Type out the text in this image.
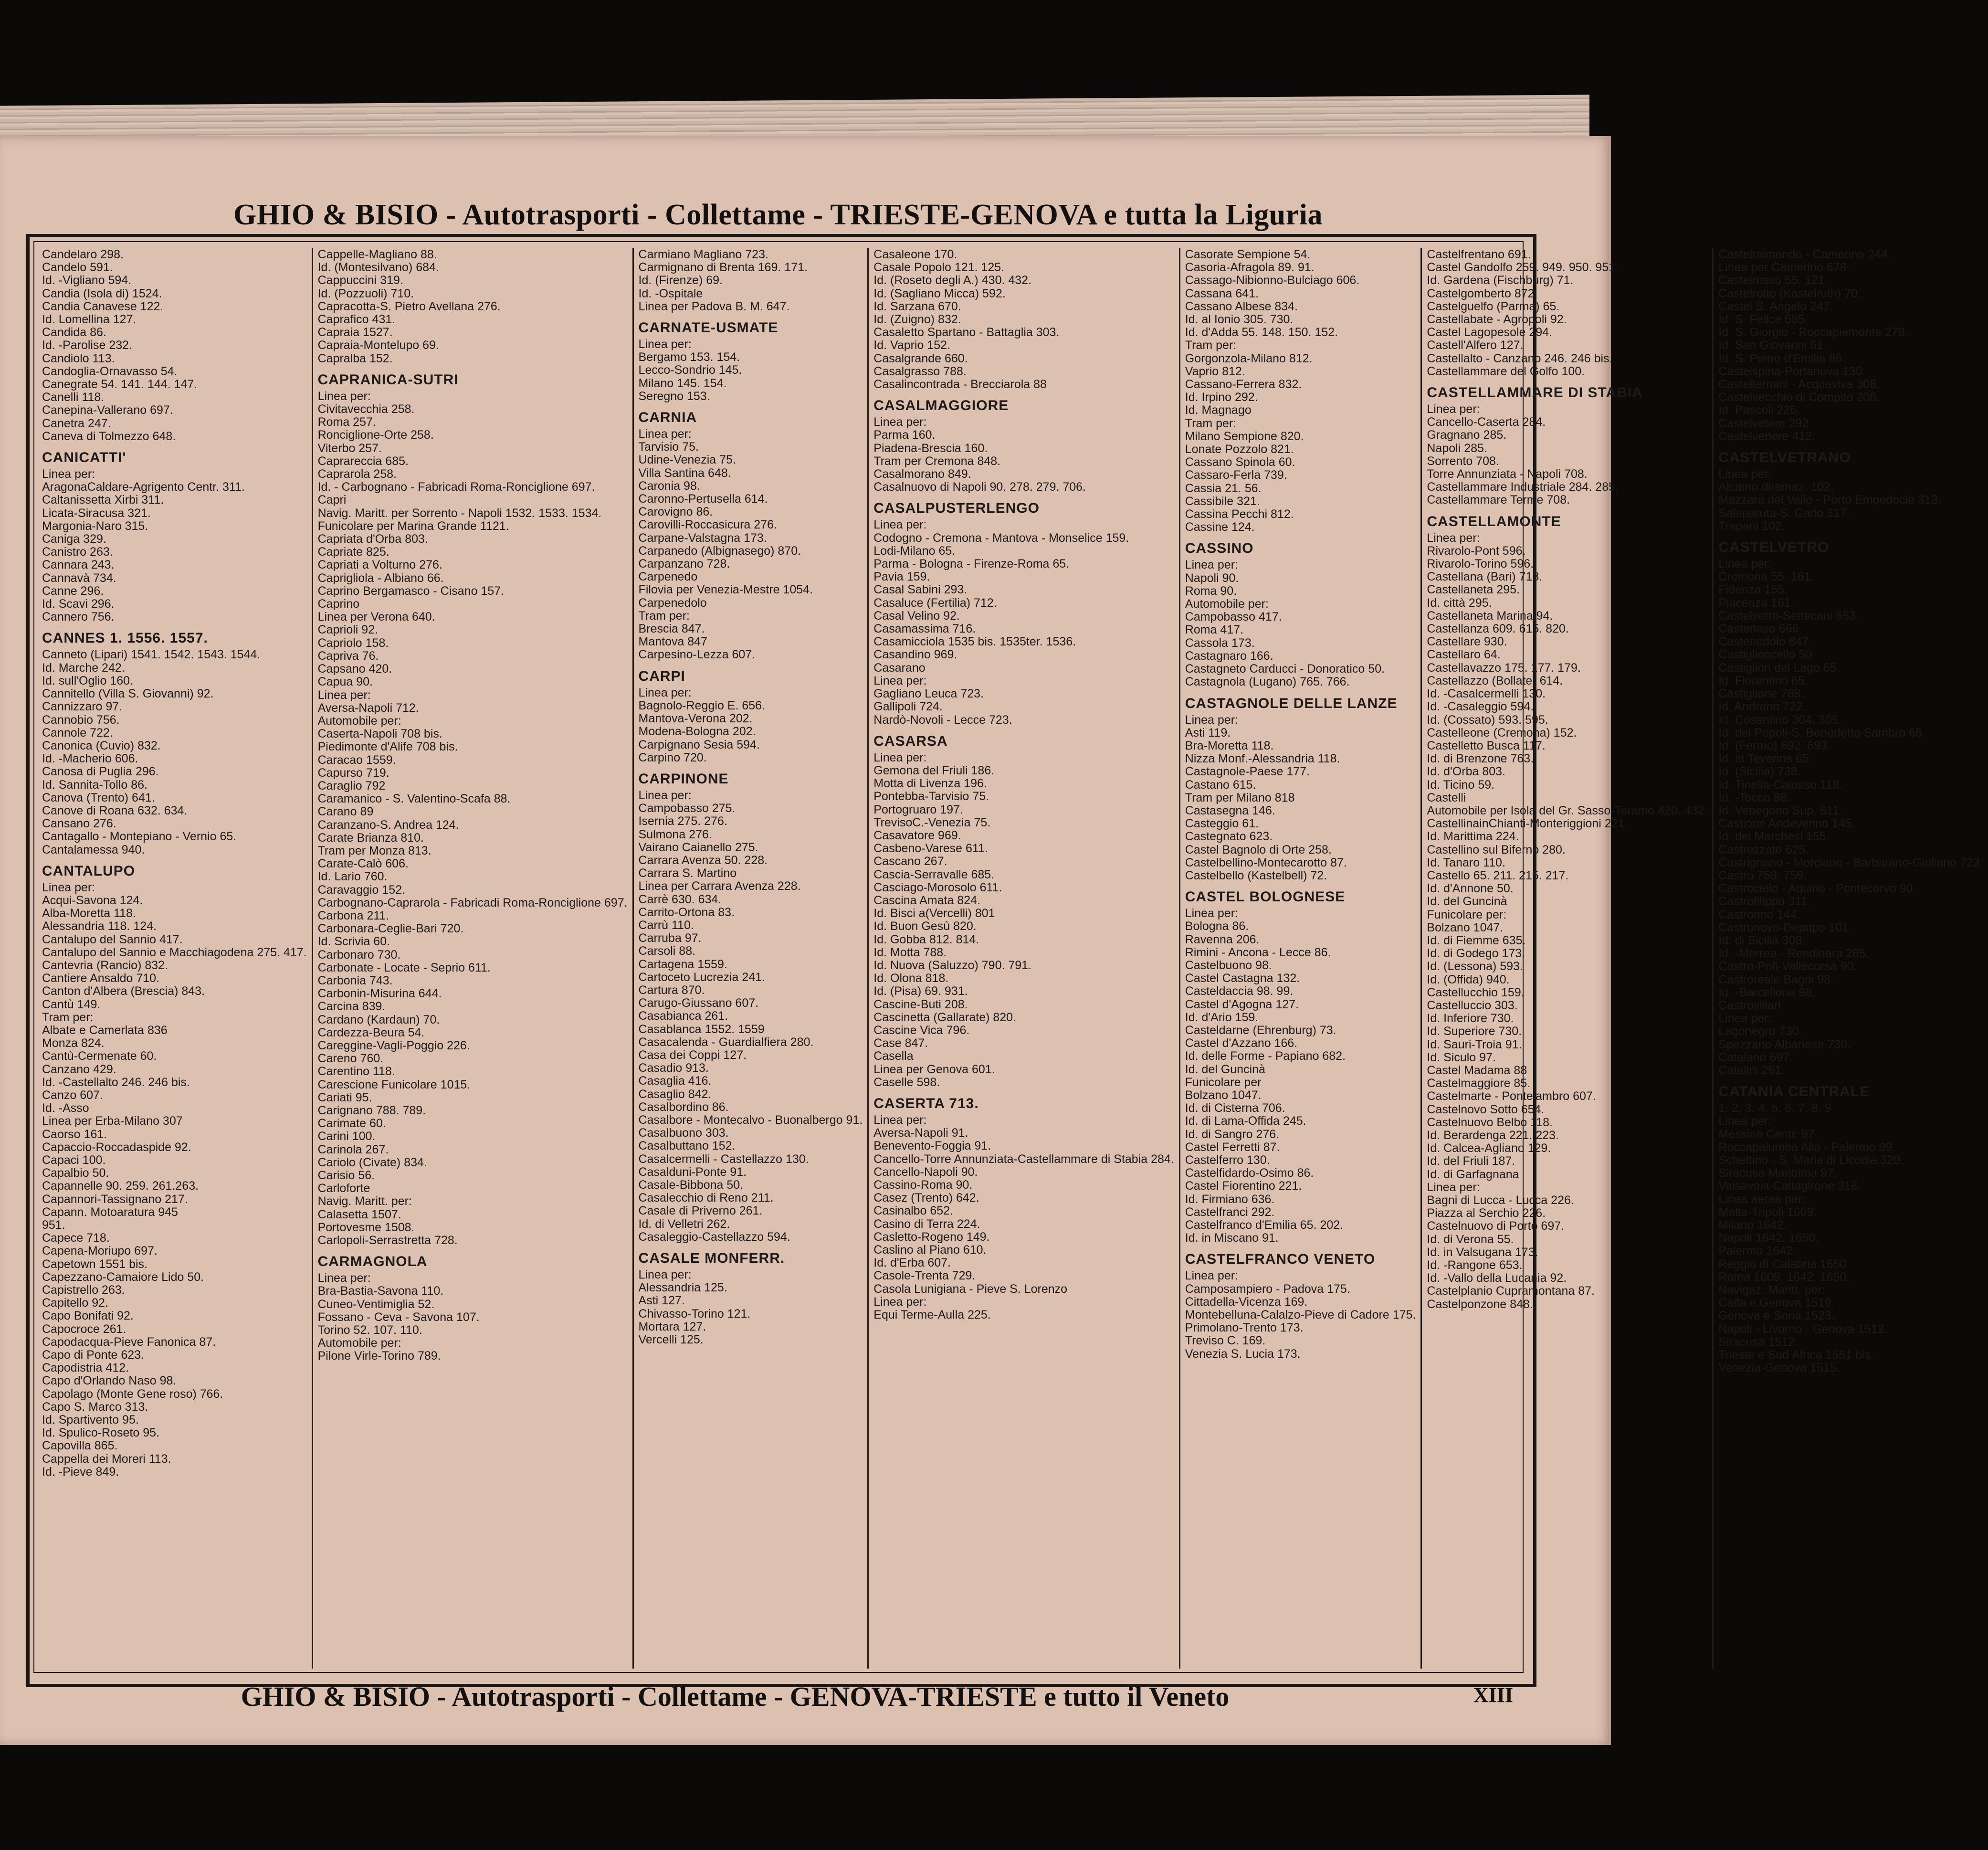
GHIO & BISIO - Autotrasporti - Collettame - TRIESTE-GENOVA e tutta la Liguria
Candelaro 298.
Candelo 591.
Id. -Vigliano 594.
Candia (Isola di) 1524.
Candia Canavese 122.
Id. Lomellina 127.
Candida 86.
Id. -Parolise 232.
Candiolo 113.
Candoglia-Ornavasso 54.
Canegrate 54. 141. 144. 147.
Canelli 118.
Canepina-Vallerano 697.
Canetra 247.
Caneva di Tolmezzo 648.
CANICATTI'
Linea per:
AragonaCaldare-Agrigento Centr. 311.
Caltanissetta Xirbi 311.
Licata-Siracusa 321.
Margonia-Naro 315.
Caniga 329.
Canistro 263.
Cannara 243.
Cannavà 734.
Canne 296.
Id. Scavi 296.
Cannero 756.
CANNES 1. 1556. 1557.
Canneto (Lipari) 1541. 1542. 1543. 1544.
Id. Marche 242.
Id. sull'Oglio 160.
Cannitello (Villa S. Giovanni) 92.
Cannizzaro 97.
Cannobio 756.
Cannole 722.
Canonica (Cuvio) 832.
Id. -Macherio 606.
Canosa di Puglia 296.
Id. Sannita-Tollo 86.
Canova (Trento) 641.
Canove di Roana 632. 634.
Cansano 276.
Cantagallo - Montepiano - Vernio 65.
Cantalamessa 940.
CANTALUPO
Linea per:
Acqui-Savona 124.
Alba-Moretta 118.
Alessandria 118. 124.
Cantalupo del Sannio 417.
Cantalupo del Sannio e Macchiagodena 275. 417.
Cantevria (Rancio) 832.
Cantiere Ansaldo 710.
Canton d'Albera (Brescia) 843.
Cantù 149.
Tram per:
Albate e Camerlata 836
Monza 824.
Cantù-Cermenate 60.
Canzano 429.
Id. -Castellalto 246. 246 bis.
Canzo 607.
Id. -Asso
Linea per Erba-Milano 307
Caorso 161.
Capaccio-Roccadaspide 92.
Capaci 100.
Capalbio 50.
Capannelle 90. 259. 261.263.
Capannori-Tassignano 217.
Capann. Motoaratura 945
951.
Capece 718.
Capena-Moriupo 697.
Capetown 1551 bis.
Capezzano-Camaiore Lido 50.
Capistrello 263.
Capitello 92.
Capo Bonifati 92.
Capocroce 261.
Capodacqua-Pieve Fanonica 87.
Capo di Ponte 623.
Capodistria 412.
Capo d'Orlando Naso 98.
Capolago (Monte Gene roso) 766.
Capo S. Marco 313.
Id. Spartivento 95.
Id. Spulico-Roseto 95.
Capovilla 865.
Cappella dei Moreri 113.
Id. -Pieve 849.
Cappelle-Magliano 88.
Id. (Montesilvano) 684.
Cappuccini 319.
Id. (Pozzuoli) 710.
Capracotta-S. Pietro Avellana 276.
Caprafico 431.
Capraia 1527.
Capraia-Montelupo 69.
Capralba 152.
CAPRANICA-SUTRI
Linea per:
Civitavecchia 258.
Roma 257.
Ronciglione-Orte 258.
Viterbo 257.
Caprareccia 685.
Caprarola 258.
Id. - Carbognano - Fabricadi Roma-Ronciglione 697.
Capri
Navig. Maritt. per Sorrento - Napoli 1532. 1533. 1534.
Funicolare per Marina Grande 1121.
Capriata d'Orba 803.
Capriate 825.
Capriati a Volturno 276.
Caprigliola - Albiano 66.
Caprino Bergamasco - Cisano 157.
Caprino
Linea per Verona 640.
Caprioli 92.
Capriolo 158.
Capriva 76.
Capsano 420.
Capua 90.
Linea per:
Aversa-Napoli 712.
Automobile per:
Caserta-Napoli 708 bis.
Piedimonte d'Alife 708 bis.
Caracao 1559.
Capurso 719.
Caraglio 792
Caramanico - S. Valentino-Scafa 88.
Carano 89
Caranzano-S. Andrea 124.
Carate Brianza 810.
Tram per Monza 813.
Carate-Calò 606.
Id. Lario 760.
Caravaggio 152.
Carbognano-Caprarola - Fabricadi Roma-Ronciglione 697.
Carbona 211.
Carbonara-Ceglie-Bari 720.
Id. Scrivia 60.
Carbonaro 730.
Carbonate - Locate - Seprio 611.
Carbonia 743.
Carbonin-Misurina 644.
Carcina 839.
Cardano (Kardaun) 70.
Cardezza-Beura 54.
Careggine-Vagli-Poggio 226.
Careno 760.
Carentino 118.
Carescione Funicolare 1015.
Cariati 95.
Carignano 788. 789.
Carimate 60.
Carini 100.
Carinola 267.
Cariolo (Civate) 834.
Carisio 56.
Carloforte
Navig. Maritt. per:
Calasetta 1507.
Portovesme 1508.
Carlopoli-Serrastretta 728.
CARMAGNOLA
Linea per:
Bra-Bastia-Savona 110.
Cuneo-Ventimiglia 52.
Fossano - Ceva - Savona 107.
Torino 52. 107. 110.
Automobile per:
Pilone Virle-Torino 789.
Carmiano Magliano 723.
Carmignano di Brenta 169. 171.
Id. (Firenze) 69.
Id. -Ospitale
Linea per Padova B. M. 647.
CARNATE-USMATE
Linea per:
Bergamo 153. 154.
Lecco-Sondrio 145.
Milano 145. 154.
Seregno 153.
CARNIA
Linea per:
Tarvisio 75.
Udine-Venezia 75.
Villa Santina 648.
Caronia 98.
Caronno-Pertusella 614.
Carovigno 86.
Carovilli-Roccasicura 276.
Carpane-Valstagna 173.
Carpanedo (Albignasego) 870.
Carpanzano 728.
Carpenedo
Filovia per Venezia-Mestre 1054.
Carpenedolo
Tram per:
Brescia 847.
Mantova 847
Carpesino-Lezza 607.
CARPI
Linea per:
Bagnolo-Reggio E. 656.
Mantova-Verona 202.
Modena-Bologna 202.
Carpignano Sesia 594.
Carpino 720.
CARPINONE
Linea per:
Campobasso 275.
Isernia 275. 276.
Sulmona 276.
Vairano Caianello 275.
Carrara Avenza 50. 228.
Carrara S. Martino
Linea per Carrara Avenza 228.
Carrè 630. 634.
Carrito-Ortona 83.
Carrù 110.
Carruba 97.
Carsoli 88.
Cartagena 1559.
Cartoceto Lucrezia 241.
Cartura 870.
Carugo-Giussano 607.
Casabianca 261.
Casablanca 1552. 1559
Casacalenda - Guardialfiera 280.
Casa dei Coppi 127.
Casadio 913.
Casaglia 416.
Casaglio 842.
Casalbordino 86.
Casalbore - Montecalvo - Buonalbergo 91.
Casalbuono 303.
Casalbuttano 152.
Casalcermelli - Castellazzo 130.
Casalduni-Ponte 91.
Casale-Bibbona 50.
Casalecchio di Reno 211.
Casale di Priverno 261.
Id. di Velletri 262.
Casaleggio-Castellazzo 594.
CASALE MONFERR.
Linea per:
Alessandria 125.
Asti 127.
Chivasso-Torino 121.
Mortara 127.
Vercelli 125.
Casaleone 170.
Casale Popolo 121. 125.
Id. (Roseto degli A.) 430. 432.
Id. (Sagliano Micca) 592.
Id. Sarzana 670.
Id. (Zuigno) 832.
Casaletto Spartano - Battaglia 303.
Id. Vaprio 152.
Casalgrande 660.
Casalgrasso 788.
Casalincontrada - Brecciarola 88
CASALMAGGIORE
Linea per:
Parma 160.
Piadena-Brescia 160.
Tram per Cremona 848.
Casalmorano 849.
Casalnuovo di Napoli 90. 278. 279. 706.
CASALPUSTERLENGO
Linea per:
Codogno - Cremona - Mantova - Monselice 159.
Lodi-Milano 65.
Parma - Bologna - Firenze-Roma 65.
Pavia 159.
Casal Sabini 293.
Casaluce (Fertilia) 712.
Casal Velino 92.
Casamassima 716.
Casamicciola 1535 bis. 1535ter. 1536.
Casandino 969.
Casarano
Linea per:
Gagliano Leuca 723.
Gallipoli 724.
Nardò-Novoli - Lecce 723.
CASARSA
Linea per:
Gemona del Friuli 186.
Motta di Livenza 196.
Pontebba-Tarvisio 75.
Portogruaro 197.
TrevisoC.-Venezia 75.
Casavatore 969.
Casbeno-Varese 611.
Cascano 267.
Cascia-Serravalle 685.
Casciago-Morosolo 611.
Cascina Amata 824.
Id. Bisci a(Vercelli) 801
Id. Buon Gesù 820.
Id. Gobba 812. 814.
Id. Motta 788.
Id. Nuova (Saluzzo) 790. 791.
Id. Olona 818.
Id. (Pisa) 69. 931.
Cascine-Buti 208.
Cascinetta (Gallarate) 820.
Cascine Vica 796.
Case 847.
Casella
Linea per Genova 601.
Caselle 598.
CASERTA 713.
Linea per:
Aversa-Napoli 91.
Benevento-Foggia 91.
Cancello-Torre Annunziata-Castellammare di Stabia 284.
Cancello-Napoli 90.
Cassino-Roma 90.
Casez (Trento) 642.
Casinalbo 652.
Casino di Terra 224.
Casletto-Rogeno 149.
Caslino al Piano 610.
Id. d'Erba 607.
Casole-Trenta 729.
Casola Lunigiana - Pieve S. Lorenzo
Linea per:
Equi Terme-Aulla 225.
Casorate Sempione 54.
Casoria-Afragola 89. 91.
Cassago-Nibionno-Bulciago 606.
Cassana 641.
Cassano Albese 834.
Id. al Ionio 305. 730.
Id. d'Adda 55. 148. 150. 152.
Tram per:
Gorgonzola-Milano 812.
Vaprio 812.
Cassano-Ferrera 832.
Id. Irpino 292.
Id. Magnago
Tram per:
Milano Sempione 820.
Lonate Pozzolo 821.
Cassano Spinola 60.
Cassaro-Ferla 739.
Cassia 21. 56.
Cassibile 321.
Cassina Pecchi 812.
Cassine 124.
CASSINO
Linea per:
Napoli 90.
Roma 90.
Automobile per:
Campobasso 417.
Roma 417.
Cassola 173.
Castagnaro 166.
Castagneto Carducci - Donoratico 50.
Castagnola (Lugano) 765. 766.
CASTAGNOLE DELLE LANZE
Linea per:
Asti 119.
Bra-Moretta 118.
Nizza Monf.-Alessandria 118.
Castagnole-Paese 177.
Castano 615.
Tram per Milano 818
Castasegna 146.
Casteggio 61.
Castegnato 623.
Castel Bagnolo di Orte 258.
Castelbellino-Montecarotto 87.
Castelbello (Kastelbell) 72.
CASTEL BOLOGNESE
Linea per:
Bologna 86.
Ravenna 206.
Rimini - Ancona - Lecce 86.
Castelbuono 98.
Castel Castagna 132.
Casteldaccia 98. 99.
Castel d'Agogna 127.
Id. d'Ario 159.
Casteldarne (Ehrenburg) 73.
Castel d'Azzano 166.
Id. delle Forme - Papiano 682.
Id. del Guncinà
Funicolare per
Bolzano 1047.
Id. di Cisterna 706.
Id. di Lama-Offida 245.
Id. di Sangro 276.
Castel Ferretti 87.
Castelferro 130.
Castelfidardo-Osimo 86.
Castel Fiorentino 221.
Id. Firmiano 636.
Castelfranci 292.
Castelfranco d'Emilia 65. 202.
Id. in Miscano 91.
CASTELFRANCO VENETO
Linea per:
Camposampiero - Padova 175.
Cittadella-Vicenza 169.
Montebelluna-Calalzo-Pieve di Cadore 175.
Primolano-Trento 173.
Treviso C. 169.
Venezia S. Lucia 173.
Castelfrentano 691.
Castel Gandolfo 259. 949. 950. 951.
Id. Gardena (Fischburg) 71.
Castelgomberto 872.
Castelguelfo (Parma) 65.
Castellabate - Agropoli 92.
Castel Lagopesole 294.
Castell'Alfero 127.
Castellalto - Canzano 246. 246 bis.
Castellammare del Golfo 100.
CASTELLAMMARE DI STABIA
Linea per:
Cancello-Caserta 284.
Gragnano 285.
Napoli 285.
Sorrento 708.
Torre Annunziata - Napoli 708.
Castellammare Industriale 284. 285.
Castellammare Terme 708.
CASTELLAMONTE
Linea per:
Rivarolo-Pont 596.
Rivarolo-Torino 596.
Castellana (Bari) 718.
Castellaneta 295.
Id. città 295.
Castellaneta Marina 94.
Castellanza 609. 615. 820.
Castellare 930.
Castellaro 64.
Castellavazzo 175. 177. 179.
Castellazzo (Bollate) 614.
Id. -Casalcermelli 130.
Id. -Casaleggio 594.
Id. (Cossato) 593. 595.
Castelleone (Cremona) 152.
Castelletto Busca 117.
Id. di Brenzone 763.
Id. d'Orba 803.
Id. Ticino 59.
Castelli
Automobile per Isola del Gr. Sasso-Teramo 420. 432.
CastellinainChianti-Monteriggioni 221.
Id. Marittima 224.
Castellino sul Biferno 280.
Id. Tanaro 110.
Castello 65. 211. 215. 217.
Id. d'Annone 50.
Id. del Guncinà
Funicolare per:
Bolzano 1047.
Id. di Fiemme 635.
Id. di Godego 173.
Id. (Lessona) 593.
Id. (Offida) 940.
Castellucchio 159.
Castelluccio 303.
Id. Inferiore 730.
Id. Superiore 730.
Id. Sauri-Troia 91.
Id. Siculo 97.
Castel Madama 88
Castelmaggiore 85.
Castelmarte - Pontelambro 607.
Castelnovo Sotto 654.
Castelnuovo Belbo 118.
Id. Berardenga 221. 223.
Id. Calcea-Agliano 129.
Id. del Friuli 187.
Id. di Garfagnana
Linea per:
Bagni di Lucca - Lucca 226.
Piazza al Serchio 226.
Castelnuovo di Porto 697.
Id. di Verona 55.
Id. in Valsugana 173.
Id. -Rangone 653.
Id. -Vallo della Lucania 92.
Castelplanio Cupramontana 87.
Castelponzone 848.
Castelraimondo - Camerino 244.
Linea per Camerino 678.
Castelrosso 55. 121.
Castelrotto (Kastelruth) 70.
Castel S. Angelo 247.
Id. S. Felice 685.
Id. S. Giorgio - Roccapiemonte 278.
Id. San Giovanni 61.
Id. S. Pietro d'Emilia 86.
Castelspina-Portanova 130.
Casteltermini - Acquaviva 308.
Castelvecchio di Compito 208.
Id. Pascoli 226.
Castelvetere 292.
Castelvenere 412.
CASTELVETRANO
Linea per:
Alcamo diramaz. 102.
Mazzara del Vallo - Porto Empedocle 313.
Salaparuta-S. Carlo 317.
Trapani 102.
CASTELVETRO
Linea per:
Cremona 55. 161.
Fidenza 155.
Piacenza 161.
Castelvetro-Settecani 653.
Castenaso 666.
Castenedolo 847.
Castiglioncello 50
Castiglion del Lago 65.
Id. Fiorentino 65.
Castiglione 788.
Id. Andrano 722.
Id. Cosentino 304. 305.
Id. dei Pepoli-S. Benedetto Sambro 65.
Id. (Fermo) 692. 693.
Id. in Teverina 65.
Id. (Sicilia) 738.
Id. Tinella-Calosso 118.
Id. -Tocco 88.
Id. Venegono Sup. 611.
Castione Andevenno 145.
Id. dei Marchesi 155.
Castrezzato 625.
Castrignano - Morciano - Barbarano-Giuliano 723.
Castro 758. 759.
Castrocielo - Aquino - Pontecorvo 90.
Castrofilippo 311.
Castronno 144.
Castronovo-Depupo 101.
Id. di Sicilia 308.
Id. -Morrea - Rendinara 265.
Castro-Pofi-Vallecorsa 90.
Castroreale Bagni 98.
Id. -Barcellona 98.
Castrovillari
Linea per:
Lagonegro 730.
Spezzano Albanese 730.
Catalano 697.
Catalini 261.
CATANIA CENTRALE
1. 2. 3. 4. 5. 6. 7. 8. 9.
Linea per:
Messina Centr. 97.
Roccapalumba Alia - Palermo 99.
Schettino - S. Maria di Licodia 320.
Siracusa Marittima 97.
Valsavoia-Caltagirone 318.
Linea aerea per:
Malta-Tripoli 1609.
Milano 1642.
Napoli 1642. 1650.
Palermo 1642.
Reggio di Calabria 1650
Roma 1609. 1642. 1650.
Navigaz. Maritt. per:
Caifa e Genova 1519.
Genova e Soria 1523.
Napoli - Livorno - Genova 1512.
Siracusa 1512.
Trieste e Sud Africa 1551 bis.
Venezia-Genova 1515.
GHIO & BISIO - Autotrasporti - Collettame - GENOVA-TRIESTE e tutto il Veneto	XIII
